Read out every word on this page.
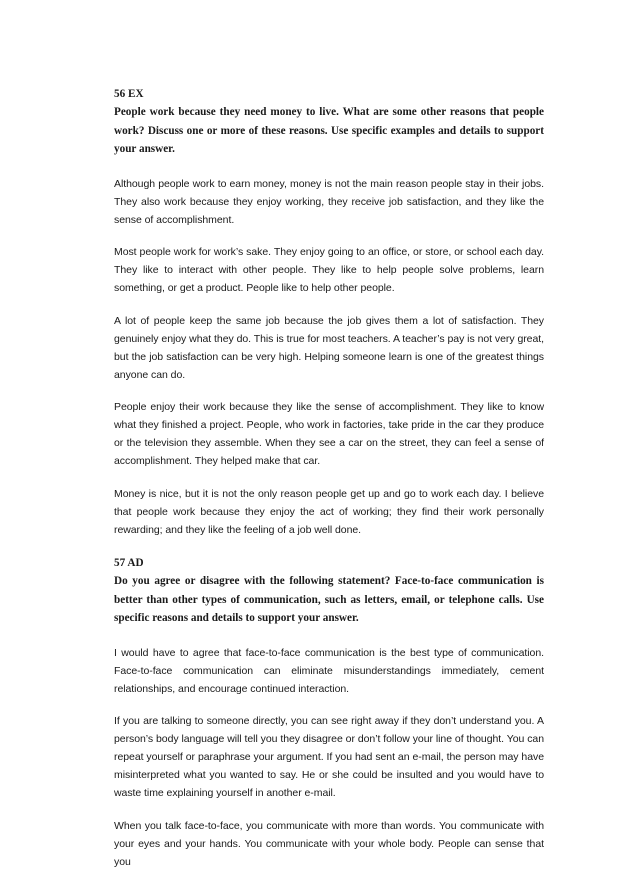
56 EX

People work because they need money to live. What are some other reasons that people work? Discuss one or more of these reasons. Use specific examples and details to support your answer.

Although people work to earn money, money is not the main reason people stay in their jobs. They also work because they enjoy working, they receive job satisfaction, and they like the sense of accomplishment.

Most people work for work’s sake. They enjoy going to an office, or store, or school each day. They like to interact with other people. They like to help people solve problems, learn something, or get a product. People like to help other people.

A lot of people keep the same job because the job gives them a lot of satisfaction. They genuinely enjoy what they do. This is true for most teachers. A teacher’s pay is not very great, but the job satisfaction can be very high. Helping someone learn is one of the greatest things anyone can do.

People enjoy their work because they like the sense of accomplishment. They like to know what they finished a project. People, who work in factories, take pride in the car they produce or the television they assemble. When they see a car on the street, they can feel a sense of accomplishment. They helped make that car.

Money is nice, but it is not the only reason people get up and go to work each day. I believe that people work because they enjoy the act of working; they find their work personally rewarding; and they like the feeling of a job well done.

57 AD

Do you agree or disagree with the following statement? Face-to-face communication is better than other types of communication, such as letters, email, or telephone calls. Use specific reasons and details to support your answer.

I would have to agree that face-to-face communication is the best type of communication. Face-to-face communication can eliminate misunderstandings immediately, cement relationships, and encourage continued interaction.

If you are talking to someone directly, you can see right away if they don’t understand you. A person’s body language will tell you they disagree or don’t follow your line of thought. You can repeat yourself or paraphrase your argument. If you had sent an e-mail, the person may have misinterpreted what you wanted to say. He or she could be insulted and you would have to waste time explaining yourself in another e-mail.

When you talk face-to-face, you communicate with more than words. You communicate with your eyes and your hands. You communicate with your whole body. People can sense that you
